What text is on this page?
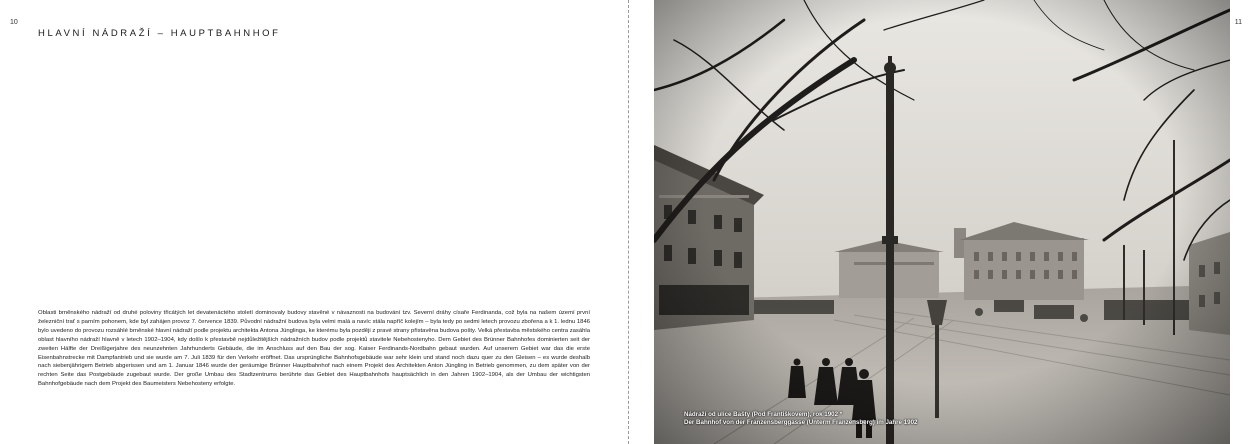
10
HLAVNÍ NÁDRAŽÍ – HAUPTBAHNHOF

Oblasti brněnského nádraží od druhé poloviny třicátých let devatenáctého století dominovaly budovy stavěné v návaznosti na budování tzv. Severní dráhy císaře Ferdinanda, což byla na našem území první železniční trať s parním pohonem, kde byl zahájen provoz 7. července 1839. Původní nádražní budova byla velmi malá a navíc stála napříč kolejím – byla tedy po sedmi letech provozu zbořena a k 1. lednu 1846 bylo uvedeno do provozu rozsáhlé brněnské hlavní nádraží podle projektu architekta Antona Jünglinga, ke kterému byla později z pravé strany přistavěna budova pošty. Velká přestavba městského centra zasáhla oblast hlavního nádraží hlavně v letech 1902–1904, kdy došlo k přestavbě nejdůležitějších nádražních budov podle projektů stavitele Nebehostenyho. Dem Gebiet des Brünner Bahnhofes dominierten seit der zweiten Hälfte der Dreißigerjahre des neunzehnten Jahrhunderts Gebäude, die im Anschluss auf den Bau der sog. Kaiser Ferdinands-Nordbahn gebaut wurden. Auf unserem Gebiet war das die erste Eisenbahnstrecke mit Dampfantrieb und sie wurde am 7. Juli 1839 für den Verkehr eröffnet. Das ursprüngliche Bahnhofsgebäude war sehr klein und stand noch dazu quer zu den Gleisen – es wurde deshalb nach siebenjährigem Betrieb abgerissen und am 1. Januar 1846 wurde der geräumige Brünner Hauptbahnhof nach einem Projekt des Architekten Anton Jüngling in Betrieb genommen, zu dem später von der rechten Seite das Postgebäude zugebaut wurde. Der große Umbau des Stadtzentrums berührte das Gebiet des Hauptbahnhofs hauptsächlich in den Jahren 1902–1904, als der Umbau der wichtigsten Bahnhofgebäude nach dem Projekt des Baumeisters Nebehosteny erfolgte.

11
Nádraží od ulice Bašty (Pod Františkovem), rok 1902 *
Der Bahnhof von der Franzensberggasse (Unterm Franzensberg) im Jahre 1902
